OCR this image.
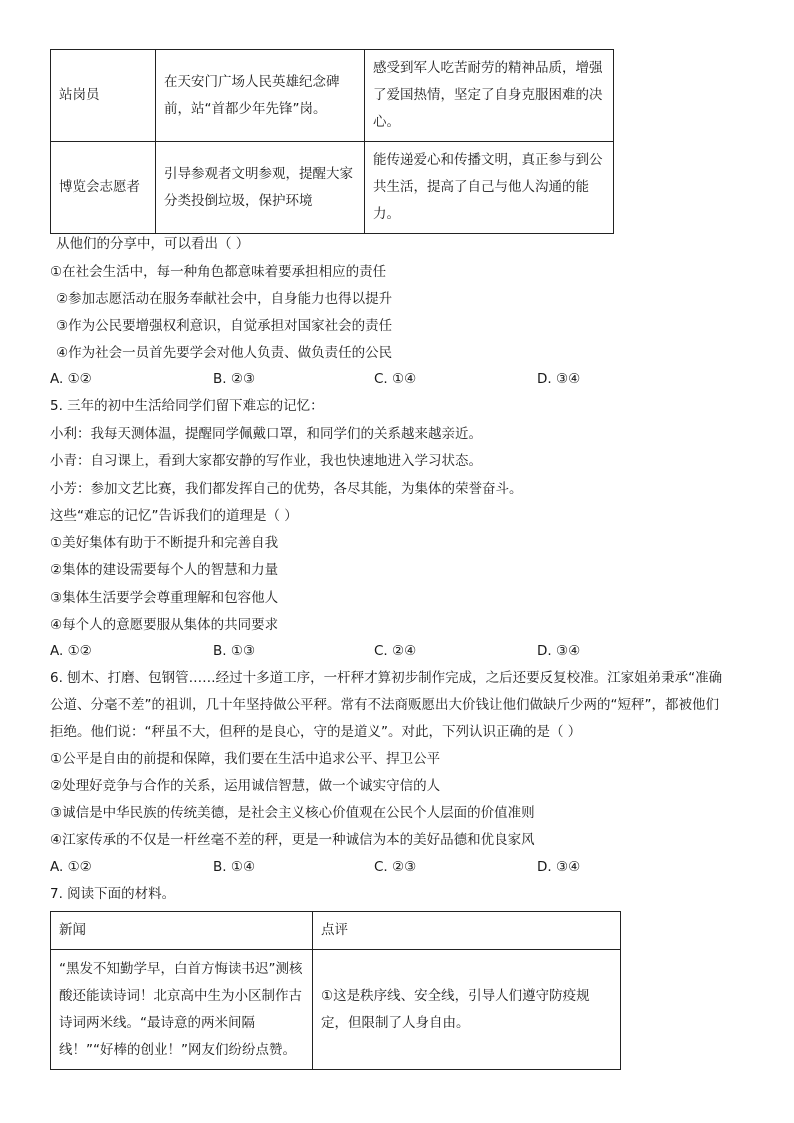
站岗员	在天安门广场人民英雄纪念碑前，站“首都少年先锋”岗。	感受到军人吃苦耐劳的精神品质，增强了爱国热情，坚定了自身克服困难的决心。
博览会志愿者	引导参观者文明参观，提醒大家分类投倒垃圾，保护环境	能传递爱心和传播文明，真正参与到公共生活，提高了自己与他人沟通的能力。
从他们的分享中，可以看出（ ）
①在社会生活中，每一种角色都意味着要承担相应的责任
②参加志愿活动在服务奉献社会中，自身能力也得以提升
③作为公民要增强权利意识，自觉承担对国家社会的责任
④作为社会一员首先要学会对他人负责、做负责任的公民
A. ①②	B. ②③	C. ①④	D. ③④
5. 三年的初中生活给同学们留下难忘的记忆：
小利：我每天测体温，提醒同学佩戴口罩，和同学们的关系越来越亲近。
小青：自习课上，看到大家都安静的写作业，我也快速地进入学习状态。
小芳：参加文艺比赛，我们都发挥自己的优势，各尽其能，为集体的荣誉奋斗。
这些“难忘的记忆”告诉我们的道理是（ ）
①美好集体有助于不断提升和完善自我
②集体的建设需要每个人的智慧和力量
③集体生活要学会尊重理解和包容他人
④每个人的意愿要服从集体的共同要求
A. ①②	B. ①③	C. ②④	D. ③④
6. 刨木、打磨、包钢管……经过十多道工序，一杆秤才算初步制作完成，之后还要反复校准。江家姐弟秉承“准确
公道、分毫不差”的祖训，几十年坚持做公平秤。常有不法商贩愿出大价钱让他们做缺斤少两的“短秤”，都被他们
拒绝。他们说：“秤虽不大，但秤的是良心，守的是道义”。对此，下列认识正确的是（ ）
①公平是自由的前提和保障，我们要在生活中追求公平、捍卫公平
②处理好竞争与合作的关系，运用诚信智慧，做一个诚实守信的人
③诚信是中华民族的传统美德，是社会主义核心价值观在公民个人层面的价值准则
④江家传承的不仅是一杆丝毫不差的秤，更是一种诚信为本的美好品德和优良家风
A. ①②	B. ①④	C. ②③	D. ③④
7. 阅读下面的材料。
新闻	点评
“黑发不知勤学早，白首方悔读书迟”测核酸还能读诗词！北京高中生为小区制作古诗词两米线。“最诗意的两米间隔线！”“好棒的创业！”网友们纷纷点赞。	①这是秩序线、安全线，引导人们遵守防疫规定，但限制了人身自由。
